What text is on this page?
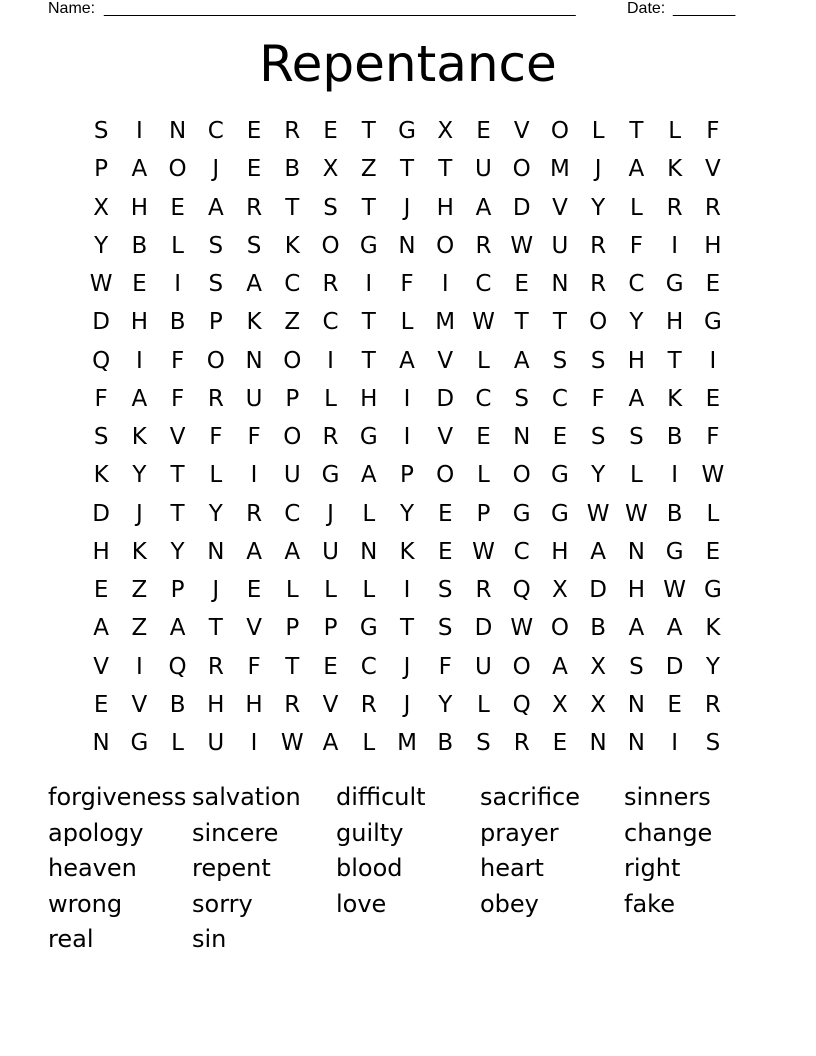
Name: _____________________________________________________	Date: _______
Repentance
S	I	N C E R E	T G X	E	V O L	T	L	F
P	A O	J	E	B X Z	T	T U O M	J	A K V
X H E	A R	T	S	T	J	H A D V	Y	L	R R
Y	B	L	S	S	K O G N O R W U R	F	I	H
W E	I	S	A C R	I	F	I	C E N R C G E
D H B	P	K Z C	T	L M W T	T O Y H G
Q	I	F O N O	I	T	A V	L	A	S	S H T	I
F	A	F	R U P	L	H	I	D C S C	F	A K	E
S	K V	F	F O R G	I	V	E N E	S	S	B	F
K	Y	T	L	I	U G A	P O L O G Y	L	I	W
D	J	T	Y	R C	J	L	Y	E	P G G W W B	L
H K	Y N A A U N K	E W C H A N G E
E	Z	P	J	E	L	L	L	I	S R Q X D H W G
A Z A	T	V	P	P G T	S D W O B A A K
V	I	Q R	F	T	E C	J	F	U O A X	S D Y
E	V B H H R V R	J	Y	L Q X X N E R
N G L	U	I	W A	L M B	S R E N N	I	S
forgiveness salvation	difficult	sacrifice	sinners
apology	sincere	guilty	prayer	change
heaven	repent	blood	heart	right
wrong	sorry	love	obey	fake
real	sin
